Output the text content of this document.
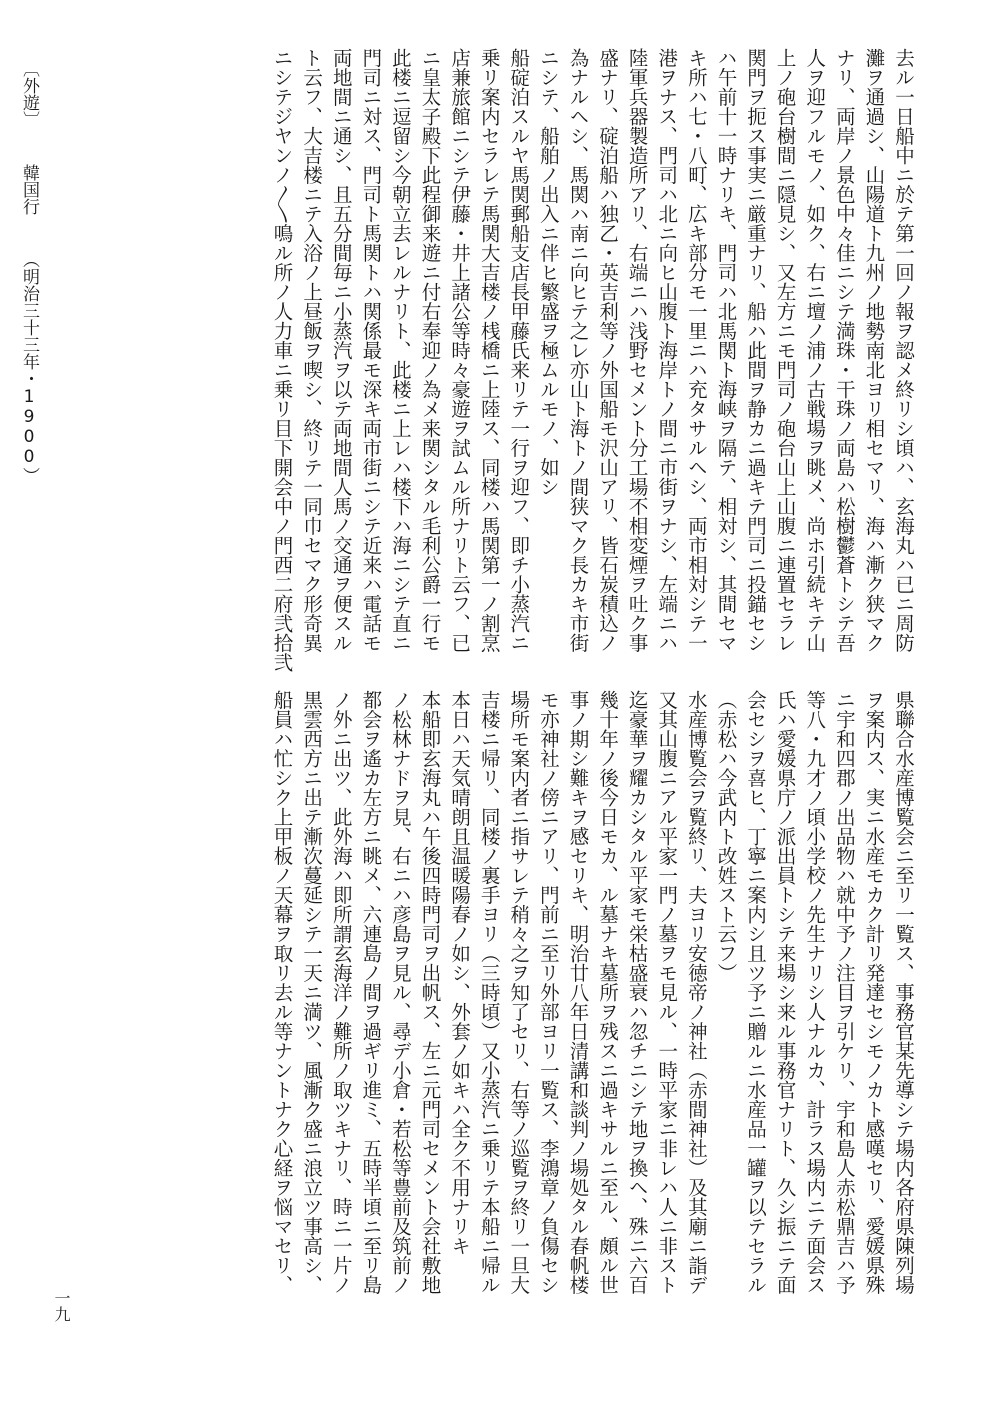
去ル一日船中ニ於テ第一回ノ報ヲ認メ終リシ頃ハ、玄海丸ハ已ニ周防
灘ヲ通過シ、山陽道ト九州ノ地勢南北ヨリ相セマリ、海ハ漸ク狭マク
ナリ、両岸ノ景色中々佳ニシテ満珠・干珠ノ両島ハ松樹鬱蒼トシテ吾
人ヲ迎フルモノ、如ク、右ニ壇ノ浦ノ古戦場ヲ眺メ、尚ホ引続キテ山
上ノ砲台樹間ニ隠見シ、又左方ニモ門司ノ砲台山上山腹ニ連置セラレ
関門ヲ扼ス事実ニ厳重ナリ、船ハ此間ヲ静カニ過キテ門司ニ投錨セシ
ハ午前十一時ナリキ、門司ハ北馬関ト海峡ヲ隔テ、相対シ、其間セマ
キ所ハ七・八町、広キ部分モ一里ニハ充タサルヘシ、両市相対シテ一
港ヲナス、門司ハ北ニ向ヒ山腹ト海岸トノ間ニ市街ヲナシ、左端ニハ
陸軍兵器製造所アリ、右端ニハ浅野セメント分工場不相変煙ヲ吐ク事
盛ナリ、碇泊船ハ独乙・英吉利等ノ外国船モ沢山アリ、皆石炭積込ノ
為ナルヘシ、馬関ハ南ニ向ヒテ之レ亦山ト海トノ間狭マク長カキ市街
ニシテ、船舶ノ出入ニ伴ヒ繁盛ヲ極ムルモノ、如シ
船碇泊スルヤ馬関郵船支店長甲藤氏来リテ一行ヲ迎フ、即チ小蒸汽ニ
乗リ案内セラレテ馬関大吉楼ノ桟橋ニ上陸ス、同楼ハ馬関第一ノ割烹
店兼旅館ニシテ伊藤・井上諸公等時々豪遊ヲ試ムル所ナリト云フ、已
ニ皇太子殿下此程御来遊ニ付右奉迎ノ為メ来関シタル毛利公爵一行モ
此楼ニ逗留シ今朝立去レルナリト、此楼ニ上レハ楼下ハ海ニシテ直ニ
門司ニ対ス、門司ト馬関トハ関係最モ深キ両市街ニシテ近来ハ電話モ
両地間ニ通シ、且五分間毎ニ小蒸汽ヲ以テ両地間人馬ノ交通ヲ便スル
ト云フ、大吉楼ニテ入浴ノ上昼飯ヲ喫シ、終リテ一同巾セマク形奇異
ニシテジヤンノ〳〵鳴ル所ノ人力車ニ乗リ目下開会中ノ門西二府弐拾弐
県聯合水産博覧会ニ至リ一覧ス、事務官某先導シテ場内各府県陳列場
ヲ案内ス、実ニ水産モカク計リ発達セシモノカト感嘆セリ、愛媛県殊
ニ宇和四郡ノ出品物ハ就中予ノ注目ヲ引ケリ、宇和島人赤松鼎吉ハ予
等八・九才ノ頃小学校ノ先生ナリシ人ナルカ、計ラス場内ニテ面会ス
氏ハ愛媛県庁ノ派出員トシテ来場シ来ル事務官ナリト、久シ振ニテ面
会セシヲ喜ヒ、丁寧ニ案内シ且ツ予ニ贈ルニ水産品一罐ヲ以テセラル
（赤松ハ今武内ト改姓スト云フ）
水産博覧会ヲ覧終リ、夫ヨリ安徳帝ノ神社（赤間神社）及其廟ニ詣デ
又其山腹ニアル平家一門ノ墓ヲモ見ル、一時平家ニ非レハ人ニ非スト
迄豪華ヲ耀カシタル平家モ栄枯盛衰ハ忽チニシテ地ヲ換ヘ、殊ニ六百
幾十年ノ後今日モカ、ル墓ナキ墓所ヲ残スニ過キサルニ至ル、頗ル世
事ノ期シ難キヲ感セリキ、明治廿八年日清講和談判ノ場処タル春帆楼
モ亦神社ノ傍ニアリ、門前ニ至リ外部ヨリ一覧ス、李鴻章ノ負傷セシ
場所モ案内者ニ指サレテ稍々之ヲ知了セリ、右等ノ巡覧ヲ終リ一旦大
吉楼ニ帰リ、同楼ノ裏手ヨリ（三時頃）又小蒸汽ニ乗リテ本船ニ帰ル
本日ハ天気晴朗且温暖陽春ノ如シ、外套ノ如キハ全ク不用ナリキ
本船即玄海丸ハ午後四時門司ヲ出帆ス、左ニ元門司セメント会社敷地
ノ松林ナドヲ見、右ニハ彦島ヲ見ル、尋デ小倉・若松等豊前及筑前ノ
都会ヲ遙カ左方ニ眺メ、六連島ノ間ヲ過ギリ進ミ、五時半頃ニ至リ島
ノ外ニ出ツ、此外海ハ即所謂玄海洋ノ難所ノ取ツキナリ、時ニ一片ノ
黒雲西方ニ出テ漸次蔓延シテ一天ニ満ツ、風漸ク盛ニ浪立ツ事高シ、
船員ハ忙シク上甲板ノ天幕ヲ取リ去ル等ナントナク心経ヲ悩マセリ、
〔外遊〕 韓国行 （明治三十三年・1900）
一九
